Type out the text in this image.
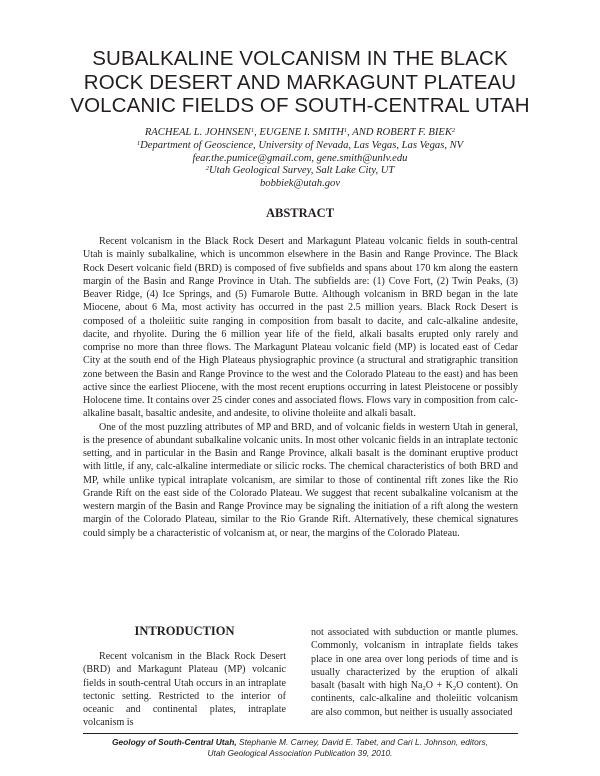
SUBALKALINE VOLCANISM IN THE BLACK
ROCK DESERT AND MARKAGUNT PLATEAU
VOLCANIC FIELDS OF SOUTH-CENTRAL UTAH
RACHEAL L. JOHNSEN$^1$, EUGENE I. SMITH$^1$, AND ROBERT F. BIEK$^2$
$^1$Department of Geoscience, University of Nevada, Las Vegas, Las Vegas, NV
fear.the.pumice@gmail.com, gene.smith@unlv.edu
$^2$Utah Geological Survey, Salt Lake City, UT
bobbiek@utah.gov
ABSTRACT

Recent volcanism in the Black Rock Desert and Markagunt Plateau volcanic fields in south-central Utah is mainly subalkaline, which is uncommon elsewhere in the Basin and Range Province. The Black Rock Desert volcanic field (BRD) is composed of five subfields and spans about 170 km along the eastern margin of the Basin and Range Province in Utah. The subfields are: (1) Cove Fort, (2) Twin Peaks, (3) Beaver Ridge, (4) Ice Springs, and (5) Fumarole Butte. Although volcanism in BRD began in the late Miocene, about 6 Ma, most activity has occurred in the past 2.5 million years. Black Rock Desert is composed of a tholeiitic suite ranging in composition from basalt to dacite, and calc-alkaline andesite, dacite, and rhyolite. During the 6 million year life of the field, alkali basalts erupted only rarely and comprise no more than three flows. The Markagunt Plateau volcanic field (MP) is located east of Cedar City at the south end of the High Plateaus physiographic province (a structural and stratigraphic transition zone between the Basin and Range Province to the west and the Colorado Plateau to the east) and has been active since the earliest Pliocene, with the most recent eruptions occurring in latest Pleistocene or possibly Holocene time. It contains over 25 cinder cones and associated flows. Flows vary in composition from calc-alkaline basalt, basaltic andesite, and andesite, to olivine tholeiite and alkali basalt.

One of the most puzzling attributes of MP and BRD, and of volcanic fields in western Utah in general, is the presence of abundant subalkaline volcanic units. In most other volcanic fields in an intraplate tectonic setting, and in particular in the Basin and Range Province, alkali basalt is the dominant eruptive product with little, if any, calc-alkaline intermediate or silicic rocks. The chemical characteristics of both BRD and MP, while unlike typical intraplate volcanism, are similar to those of continental rift zones like the Rio Grande Rift on the east side of the Colorado Plateau. We suggest that recent subalkaline volcanism at the western margin of the Basin and Range Province may be signaling the initiation of a rift along the western margin of the Colorado Plateau, similar to the Rio Grande Rift. Alternatively, these chemical signatures could simply be a characteristic of volcanism at, or near, the margins of the Colorado Plateau.

INTRODUCTION

Recent volcanism in the Black Rock Desert (BRD) and Markagunt Plateau (MP) volcanic fields in south-central Utah occurs in an intraplate tectonic setting. Restricted to the interior of oceanic and continental plates, intraplate volcanism is

not associated with subduction or mantle plumes. Commonly, volcanism in intraplate fields takes place in one area over long periods of time and is usually characterized by the eruption of alkali basalt (basalt with high $Na_2O + K_2O$ content). On continents, calc-alkaline and tholeiitic volcanism are also common, but neither is usually associated

Geology of South-Central Utah, Stephanie M. Carney, David E. Tabet, and Cari L. Johnson, editors,
Utah Geological Association Publication 39, 2010.
